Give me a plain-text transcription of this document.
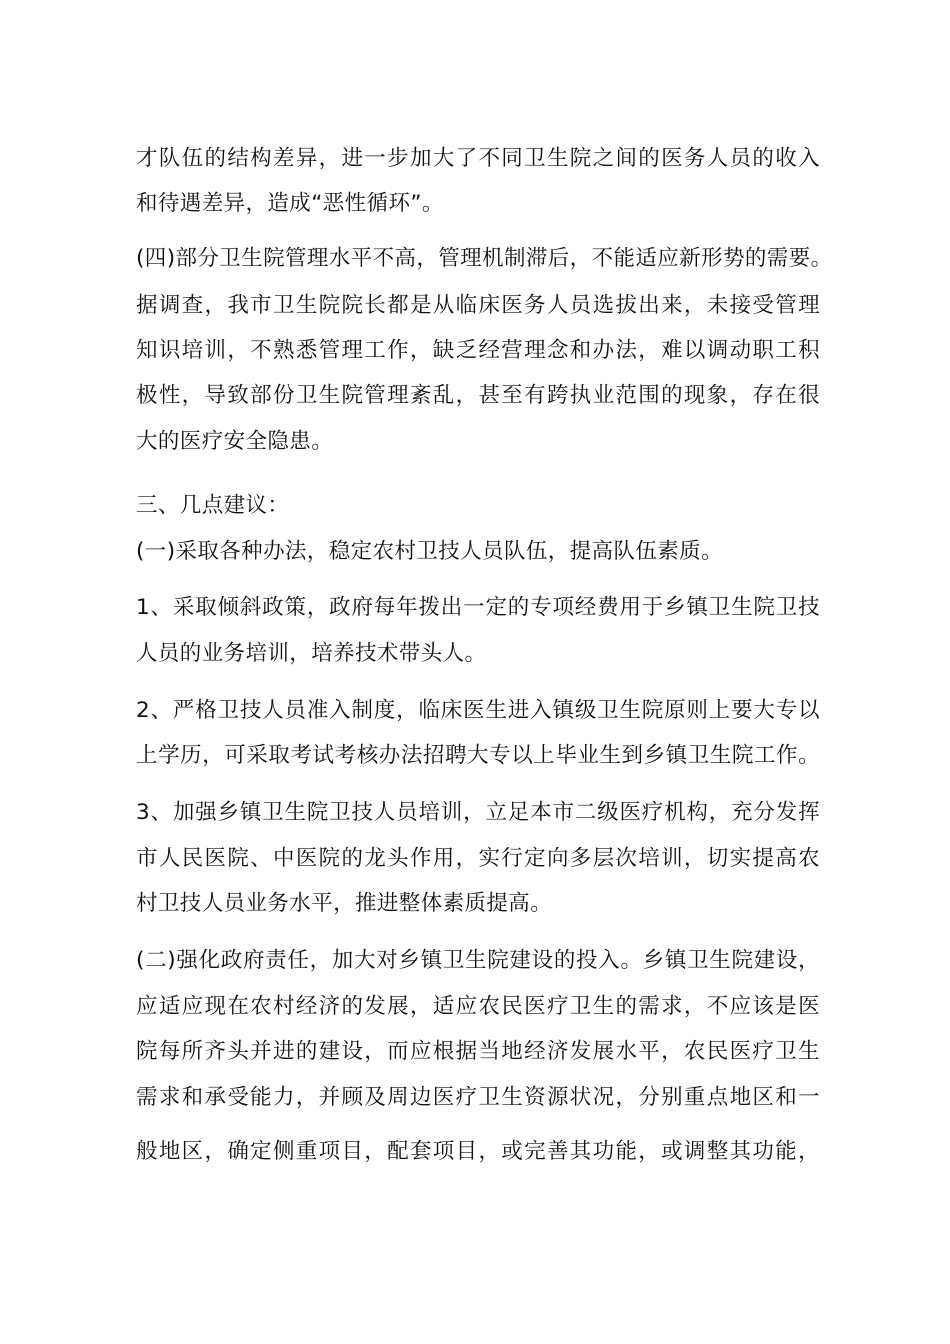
才队伍的结构差异，进一步加大了不同卫生院之间的医务人员的收入
和待遇差异，造成“恶性循环”。
(四)部分卫生院管理水平不高，管理机制滞后，不能适应新形势的需要。
据调查，我市卫生院院长都是从临床医务人员选拔出来，未接受管理
知识培训，不熟悉管理工作，缺乏经营理念和办法，难以调动职工积
极性，导致部份卫生院管理紊乱，甚至有跨执业范围的现象，存在很
大的医疗安全隐患。
三、几点建议：
(一)采取各种办法，稳定农村卫技人员队伍，提高队伍素质。
1、采取倾斜政策，政府每年拨出一定的专项经费用于乡镇卫生院卫技
人员的业务培训，培养技术带头人。
2、严格卫技人员准入制度，临床医生进入镇级卫生院原则上要大专以
上学历，可采取考试考核办法招聘大专以上毕业生到乡镇卫生院工作。
3、加强乡镇卫生院卫技人员培训，立足本市二级医疗机构，充分发挥
市人民医院、中医院的龙头作用，实行定向多层次培训，切实提高农
村卫技人员业务水平，推进整体素质提高。
(二)强化政府责任，加大对乡镇卫生院建设的投入。乡镇卫生院建设，
应适应现在农村经济的发展，适应农民医疗卫生的需求，不应该是医
院每所齐头并进的建设，而应根据当地经济发展水平，农民医疗卫生
需求和承受能力，并顾及周边医疗卫生资源状况，分别重点地区和一
般地区，确定侧重项目，配套项目，或完善其功能，或调整其功能，
